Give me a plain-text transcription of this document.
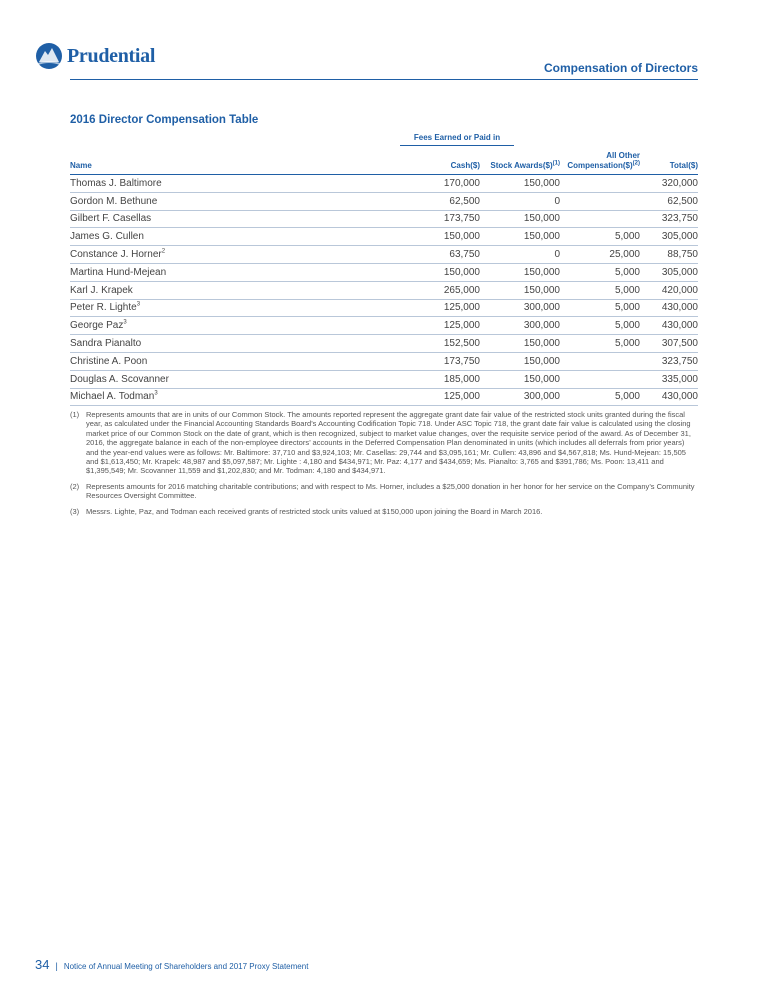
Prudential
Compensation of Directors
2016 Director Compensation Table
Fees Earned or Paid in
Name	Cash($)	Stock Awards($)$^{(1)}$	All Other Compensation($)$^{(2)}$	Total($)
Thomas J. Baltimore	170,000	150,000		320,000
Gordon M. Bethune	62,500	0		62,500
Gilbert F. Casellas	173,750	150,000		323,750
James G. Cullen	150,000	150,000	5,000	305,000
Constance J. Horner$^2$	63,750	0	25,000	88,750
Martina Hund-Mejean	150,000	150,000	5,000	305,000
Karl J. Krapek	265,000	150,000	5,000	420,000
Peter R. Lighte$^3$	125,000	300,000	5,000	430,000
George Paz$^3$	125,000	300,000	5,000	430,000
Sandra Pianalto	152,500	150,000	5,000	307,500
Christine A. Poon	173,750	150,000		323,750
Douglas A. Scovanner	185,000	150,000		335,000
Michael A. Todman$^3$	125,000	300,000	5,000	430,000
(1) Represents amounts that are in units of our Common Stock. The amounts reported represent the aggregate grant date fair value of the restricted stock units granted during the fiscal year, as calculated under the Financial Accounting Standards Board’s Accounting Codification Topic 718. Under ASC Topic 718, the grant date fair value is calculated using the closing market price of our Common Stock on the date of grant, which is then recognized, subject to market value changes, over the requisite service period of the award. As of December 31, 2016, the aggregate balance in each of the non-employee directors’ accounts in the Deferred Compensation Plan denominated in units (which includes all deferrals from prior years) and the year-end values were as follows: Mr. Baltimore: 37,710 and $3,924,103; Mr. Casellas: 29,744 and $3,095,161; Mr. Cullen: 43,896 and $4,567,818; Ms. Hund-Mejean: 15,505 and $1,613,450; Mr. Krapek: 48,987 and $5,097,587; Mr. Lighte : 4,180 and $434,971; Mr. Paz: 4,177 and $434,659; Ms. Pianalto: 3,765 and $391,786; Ms. Poon: 13,411 and $1,395,549; Mr. Scovanner 11,559 and $1,202,830; and Mr. Todman: 4,180 and $434,971.
(2) Represents amounts for 2016 matching charitable contributions; and with respect to Ms. Horner, includes a $25,000 donation in her honor for her service on the Company’s Community Resources Oversight Committee.
(3) Messrs. Lighte, Paz, and Todman each received grants of restricted stock units valued at $150,000 upon joining the Board in March 2016.
34 | Notice of Annual Meeting of Shareholders and 2017 Proxy Statement
